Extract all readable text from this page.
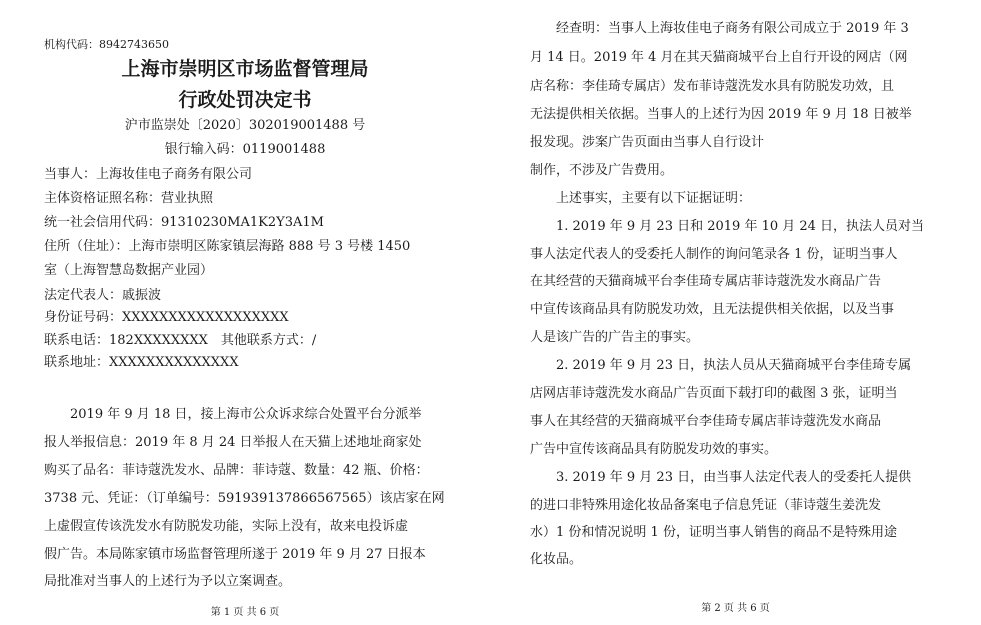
机构代码：8942743650
上海市崇明区市场监督管理局
行政处罚决定书
沪市监崇处〔2020〕302019001488 号
银行输入码：0119001488
当事人：上海妆佳电子商务有限公司
主体资格证照名称：营业执照
统一社会信用代码：91310230MA1K2Y3A1M
住所（住址）：上海市崇明区陈家镇层海路 888 号 3 号楼 1450
室（上海智慧岛数据产业园）
法定代表人：戚振波
身份证号码：XXXXXXXXXXXXXXXXXX
联系电话：182XXXXXXXX　其他联系方式：/
联系地址：XXXXXXXXXXXXXX
　　2019 年 9 月 18 日，接上海市公众诉求综合处置平台分派举
报人举报信息：2019 年 8 月 24 日举报人在天猫上述地址商家处
购买了品名：菲诗蔻洗发水、品牌：菲诗蔻、数量：42 瓶、价格：
3738 元、凭证：（订单编号：591939137866567565）该店家在网
上虚假宣传该洗发水有防脱发功能，实际上没有，故来电投诉虚
假广告。本局陈家镇市场监督管理所遂于 2019 年 9 月 27 日报本
局批准对当事人的上述行为予以立案调查。
第 1 页 共 6 页
　　经查明：当事人上海妆佳电子商务有限公司成立于 2019 年 3
月 14 日。2019 年 4 月在其天猫商城平台上自行开设的网店（网
店名称：李佳琦专属店）发布菲诗蔻洗发水具有防脱发功效，且
无法提供相关依据。当事人的上述行为因 2019 年 9 月 18 日被举
报发现。涉案广告页面由当事人自行设计
制作，不涉及广告费用。
　　上述事实，主要有以下证据证明：
　　1. 2019 年 9 月 23 日和 2019 年 10 月 24 日，执法人员对当
事人法定代表人的受委托人制作的询问笔录各 1 份，证明当事人
在其经营的天猫商城平台李佳琦专属店菲诗蔻洗发水商品广告
中宣传该商品具有防脱发功效，且无法提供相关依据，以及当事
人是该广告的广告主的事实。
　　2. 2019 年 9 月 23 日，执法人员从天猫商城平台李佳琦专属
店网店菲诗蔻洗发水商品广告页面下载打印的截图 3 张，证明当
事人在其经营的天猫商城平台李佳琦专属店菲诗蔻洗发水商品
广告中宣传该商品具有防脱发功效的事实。
　　3. 2019 年 9 月 23 日，由当事人法定代表人的受委托人提供
的进口非特殊用途化妆品备案电子信息凭证（菲诗蔻生姜洗发
水）1 份和情况说明 1 份，证明当事人销售的商品不是特殊用途
化妆品。
第 2 页 共 6 页
